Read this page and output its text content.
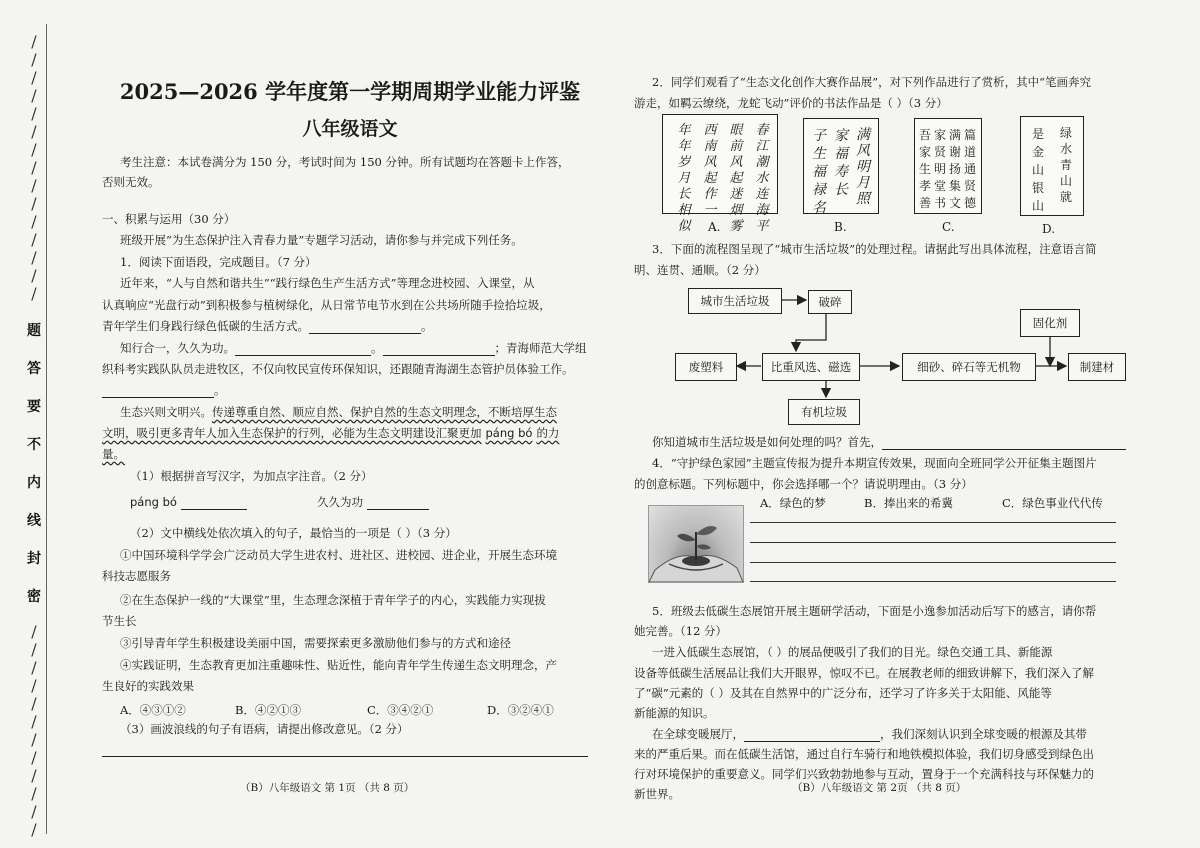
/
/
/
/
/
/
/
/
/
/
/
/
/
/
/
/
/
/
/
/
/
/
/
/
/
/
/
题
答
要
不
内
线
封
密
2025—2026 学年度第一学期周期学业能力评鉴
八年级语文
考生注意：本试卷满分为 150 分，考试时间为 150 分钟。所有试题均在答题卡上作答，
否则无效。
一、积累与运用（30 分）
班级开展“为生态保护注入青春力量”专题学习活动，请你参与并完成下列任务。
1．阅读下面语段，完成题目。（7 分）
近年来，“人与自然和谐共生”“践行绿色生产生活方式”等理念进校园、入课堂，从
认真响应“光盘行动”到积极参与植树绿化，从日常节电节水到在公共场所随手捡拾垃圾，
青年学生们身践行绿色低碳的生活方式。	。
知行合一，久久为功。	。	；青海师范大学组
织科考实践队队员走进牧区，不仅向牧民宣传环保知识，还跟随青海湖生态管护员体验工作。
。
生态兴则文明兴。传递尊重自然、顺应自然、保护自然的生态文明理念，不断培厚生态
文明，吸引更多青年人加入生态保护的行列，必能为生态文明建设汇聚更加 páng bó 的力
量。
（1）根据拼音写汉字，为加点字注音。（2 分）
páng bó	久久为功
（2）文中横线处依次填入的句子，最恰当的一项是（ ）（3 分）
①中国环境科学学会广泛动员大学生进农村、进社区、进校园、进企业，开展生态环境
科技志愿服务
②在生态保护一线的“大课堂”里，生态理念深植于青年学子的内心，实践能力实现拔
节生长
③引导青年学生积极建设美丽中国，需要探索更多激励他们参与的方式和途径
④实践证明，生态教育更加注重趣味性、贴近性，能向青年学生传递生态文明理念，产
生良好的实践效果
A．④③①②	B．④②①③	C．③④②①	D．③②④①
（3）画波浪线的句子有语病，请提出修改意见。（2 分）
（B）八年级语文 第 1页 （共 8 页）
2．同学们观看了“生态文化创作大赛作品展”，对下列作品进行了赏析，其中“笔画奔究
游走，如羁云缭绕，龙蛇飞动”评价的书法作品是（ ）（3 分）
春
江
潮
水
连
海
平
眼
前
风
起
迷
烟
雾
西
南
风
起
作
一
年
年
岁
月
长
相
似 A.
满
风
明
月
照
家
福
寿
长
子
生
福
禄
名
B.
篇
道
通
贤
德
满
谢
扬
集
文
家
贤
明
堂
书
吾
家
生
孝
善
C.
绿
水
青
山
就
是
金
山
银
山
D.
3．下面的流程图呈现了“城市生活垃圾”的处理过程。请据此写出具体流程，注意语言简
明、连贯、通顺。（2 分）
城市生活垃圾	破碎
固化剂
废塑料	比重风选、磁选	细砂、碎石等无机物	制建材
有机垃圾
你知道城市生活垃圾是如何处理的吗？首先，
4．“守护绿色家园”主题宣传报为提升本期宣传效果，现面向全班同学公开征集主题图片
的创意标题。下列标题中，你会选择哪一个？请说明理由。（3 分）
A．绿色的梦	B．捧出来的希冀	C．绿色事业代代传
5．班级去低碳生态展馆开展主题研学活动，下面是小逸参加活动后写下的感言，请你帮
她完善。（12 分）
一进入低碳生态展馆，（ ）的展品便吸引了我们的目光。绿色交通工具、新能源
设备等低碳生活展品让我们大开眼界，惊叹不已。在展教老师的细致讲解下，我们深入了解
了“碳”元素的（ ）及其在自然界中的广泛分布，还学习了许多关于太阳能、风能等
新能源的知识。
在全球变暖展厅，	，我们深刻认识到全球变暖的根源及其带
来的严重后果。而在低碳生活馆，通过自行车骑行和地铁模拟体验，我们切身感受到绿色出
行对环境保护的重要意义。同学们兴致勃勃地参与互动，置身于一个充满科技与环保魅力的
新世界。	（B）八年级语文 第 2页 （共 8 页）
